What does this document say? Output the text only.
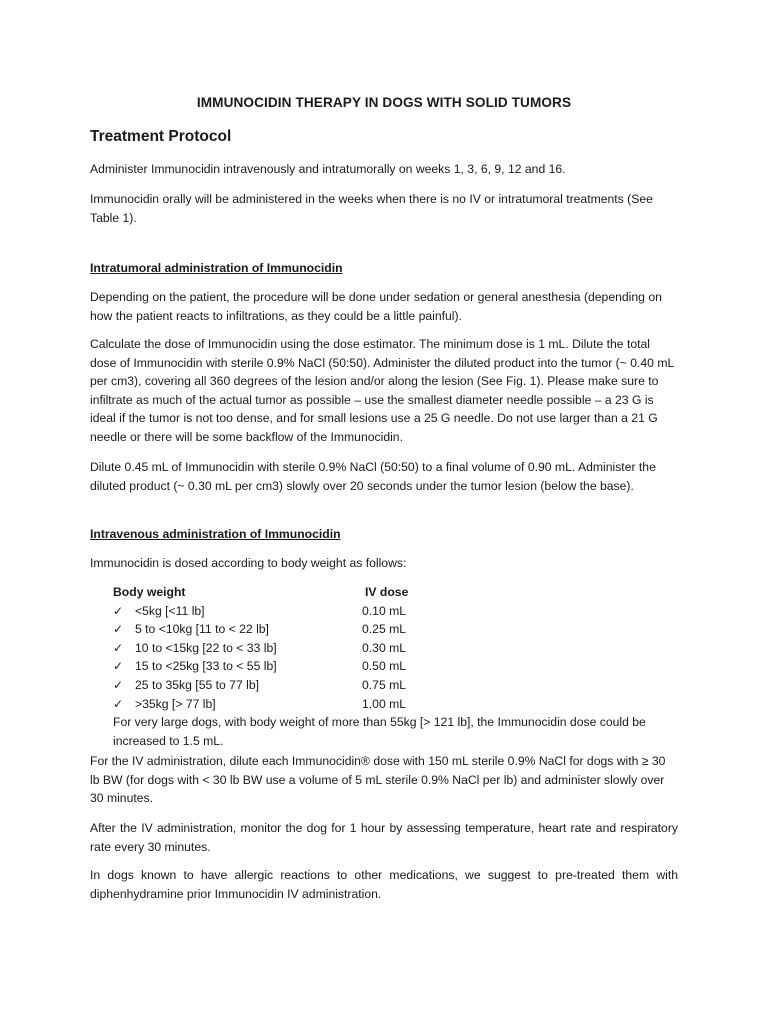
IMMUNOCIDIN THERAPY IN DOGS WITH SOLID TUMORS
Treatment Protocol

Administer Immunocidin intravenously and intratumorally on weeks 1, 3, 6, 9, 12 and 16.

Immunocidin orally will be administered in the weeks when there is no IV or intratumoral treatments (See Table 1).

Intratumoral administration of Immunocidin

Depending on the patient, the procedure will be done under sedation or general anesthesia (depending on how the patient reacts to infiltrations, as they could be a little painful).

Calculate the dose of Immunocidin using the dose estimator. The minimum dose is 1 mL. Dilute the total dose of Immunocidin with sterile 0.9% NaCl (50:50). Administer the diluted product into the tumor (~ 0.40 mL per cm3), covering all 360 degrees of the lesion and/or along the lesion (See Fig. 1). Please make sure to infiltrate as much of the actual tumor as possible – use the smallest diameter needle possible – a 23 G is ideal if the tumor is not too dense, and for small lesions use a 25 G needle. Do not use larger than a 21 G needle or there will be some backflow of the Immunocidin.

Dilute 0.45 mL of Immunocidin with sterile 0.9% NaCl (50:50) to a final volume of 0.90 mL. Administer the diluted product (~ 0.30 mL per cm3) slowly over 20 seconds under the tumor lesion (below the base).

Intravenous administration of Immunocidin

Immunocidin is dosed according to body weight as follows:

Body weight	IV dose
✓ <5kg [<11 lb]	0.10 mL
✓ 5 to <10kg [11 to < 22 lb]	0.25 mL
✓ 10 to <15kg [22 to < 33 lb]	0.30 mL
✓ 15 to <25kg [33 to < 55 lb]	0.50 mL
✓ 25 to 35kg [55 to 77 lb]	0.75 mL
✓ >35kg [> 77 lb]	1.00 mL

For very large dogs, with body weight of more than 55kg [> 121 lb], the Immunocidin dose could be increased to 1.5 mL.

For the IV administration, dilute each Immunocidin® dose with 150 mL sterile 0.9% NaCl for dogs with ≥ 30 lb BW (for dogs with < 30 lb BW use a volume of 5 mL sterile 0.9% NaCl per lb) and administer slowly over 30 minutes.

After the IV administration, monitor the dog for 1 hour by assessing temperature, heart rate and respiratory rate every 30 minutes.

In dogs known to have allergic reactions to other medications, we suggest to pre-treated them with diphenhydramine prior Immunocidin IV administration.
